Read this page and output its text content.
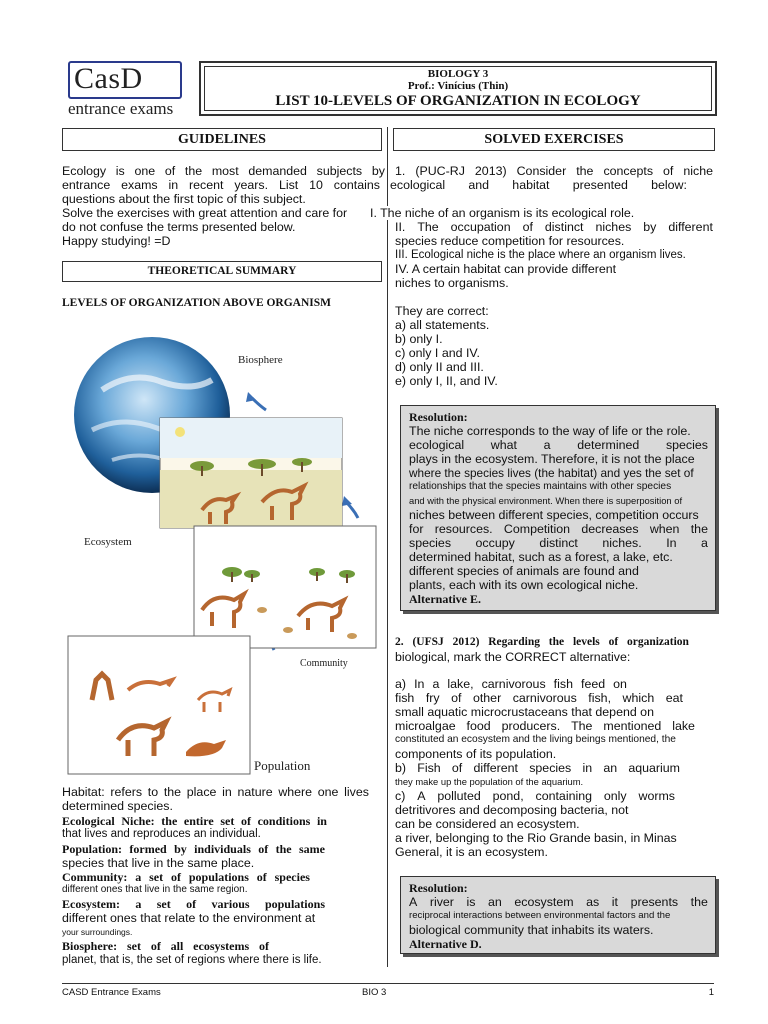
CasD
entrance exams
BIOLOGY 3
Prof.: Vinícius (Thin)
LIST 10-LEVELS OF ORGANIZATION IN ECOLOGY
GUIDELINES
Ecology is one of the most demanded subjects by
entrance exams in recent years. List 10 contains
questions about the first topic of this subject.
Solve the exercises with great attention and care for
do not confuse the terms presented below.
Happy studying! =D
THEORETICAL SUMMARY
LEVELS OF ORGANIZATION ABOVE ORGANISM
Biosphere
Ecosystem
Community
Population
Habitat: refers to the place in nature where one lives
determined species.
Ecological Niche: the entire set of conditions in
that lives and reproduces an individual.
Population: formed by individuals of the same
species that live in the same place.
Community: a set of populations of species
different ones that live in the same region.
Ecosystem: a set of various populations
different ones that relate to the environment at
your surroundings.
Biosphere: set of all ecosystems of
planet, that is, the set of regions where there is life.
SOLVED EXERCISES
1. (PUC-RJ 2013) Consider the concepts of niche
ecological and habitat presented below:
I. The niche of an organism is its ecological role.
II. The occupation of distinct niches by different
species reduce competition for resources.
III. Ecological niche is the place where an organism lives.
IV. A certain habitat can provide different
niches to organisms.
They are correct:
a) all statements.
b) only I.
c) only I and IV.
d) only II and III.
e) only I, II, and IV.
Resolution:
The niche corresponds to the way of life or the role.
ecological what a determined species
plays in the ecosystem. Therefore, it is not the place
where the species lives (the habitat) and yes the set of
relationships that the species maintains with other species
and with the physical environment. When there is superposition of
niches between different species, competition occurs
for resources. Competition decreases when the
species occupy distinct niches. In a
determined habitat, such as a forest, a lake, etc.
different species of animals are found and
plants, each with its own ecological niche.
Alternative E.
2. (UFSJ 2012) Regarding the levels of organization
biological, mark the CORRECT alternative:
a) In a lake, carnivorous fish feed on
fish fry of other carnivorous fish, which eat
small aquatic microcrustaceans that depend on
microalgae food producers. The mentioned lake
constituted an ecosystem and the living beings mentioned, the
components of its population.
b) Fish of different species in an aquarium
they make up the population of the aquarium.
c) A polluted pond, containing only worms
detritivores and decomposing bacteria, not
can be considered an ecosystem.
a river, belonging to the Rio Grande basin, in Minas
General, it is an ecosystem.
Resolution:
A river is an ecosystem as it presents the
reciprocal interactions between environmental factors and the
biological community that inhabits its waters.
Alternative D.
CASD Entrance Exams	BIO 3	1
